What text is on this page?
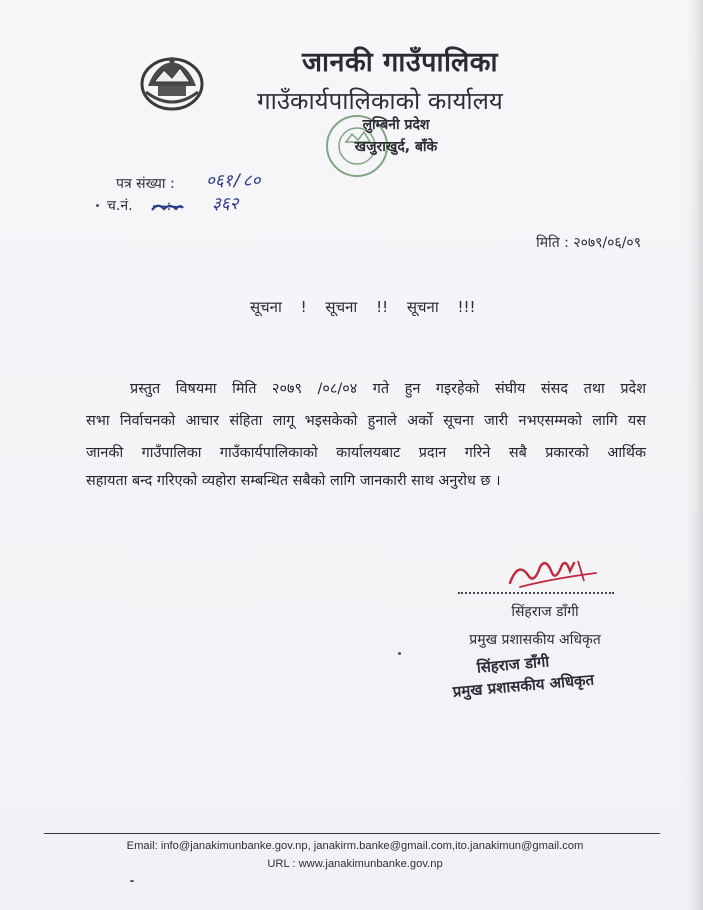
जानकी गाउँपालिका
गाउँकार्यपालिकाको कार्यालय
लुम्बिनी प्रदेश
खजुराखुर्द, बाँके
पत्र संख्या : ०६१/८०
च.नं.	३६२
मिति : २०७९/०६/०९
सूचना ! सूचना !! सूचना !!!
प्रस्तुत विषयमा मिति २०७९ /०८/०४ गते हुन गइरहेको संघीय संसद तथा प्रदेश
सभा निर्वाचनको आचार संहिता लागू भइसकेको हुनाले अर्को सूचना जारी नभएसम्मको लागि यस
जानकी गाउँपालिका गाउँकार्यपालिकाको कार्यालयबाट प्रदान गरिने सबै प्रकारको आर्थिक
सहायता बन्द गरिएको व्यहोरा सम्बन्धित सबैको लागि जानकारी साथ अनुरोध छ ।
सिंहराज डाँगी
प्रमुख प्रशासकीय अधिकृत
सिंहराज डाँगी
प्रमुख प्रशासकीय अधिकृत
Email: info@janakimunbanke.gov.np, janakirm.banke@gmail.com,ito.janakimun@gmail.com
URL : www.janakimunbanke.gov.np
